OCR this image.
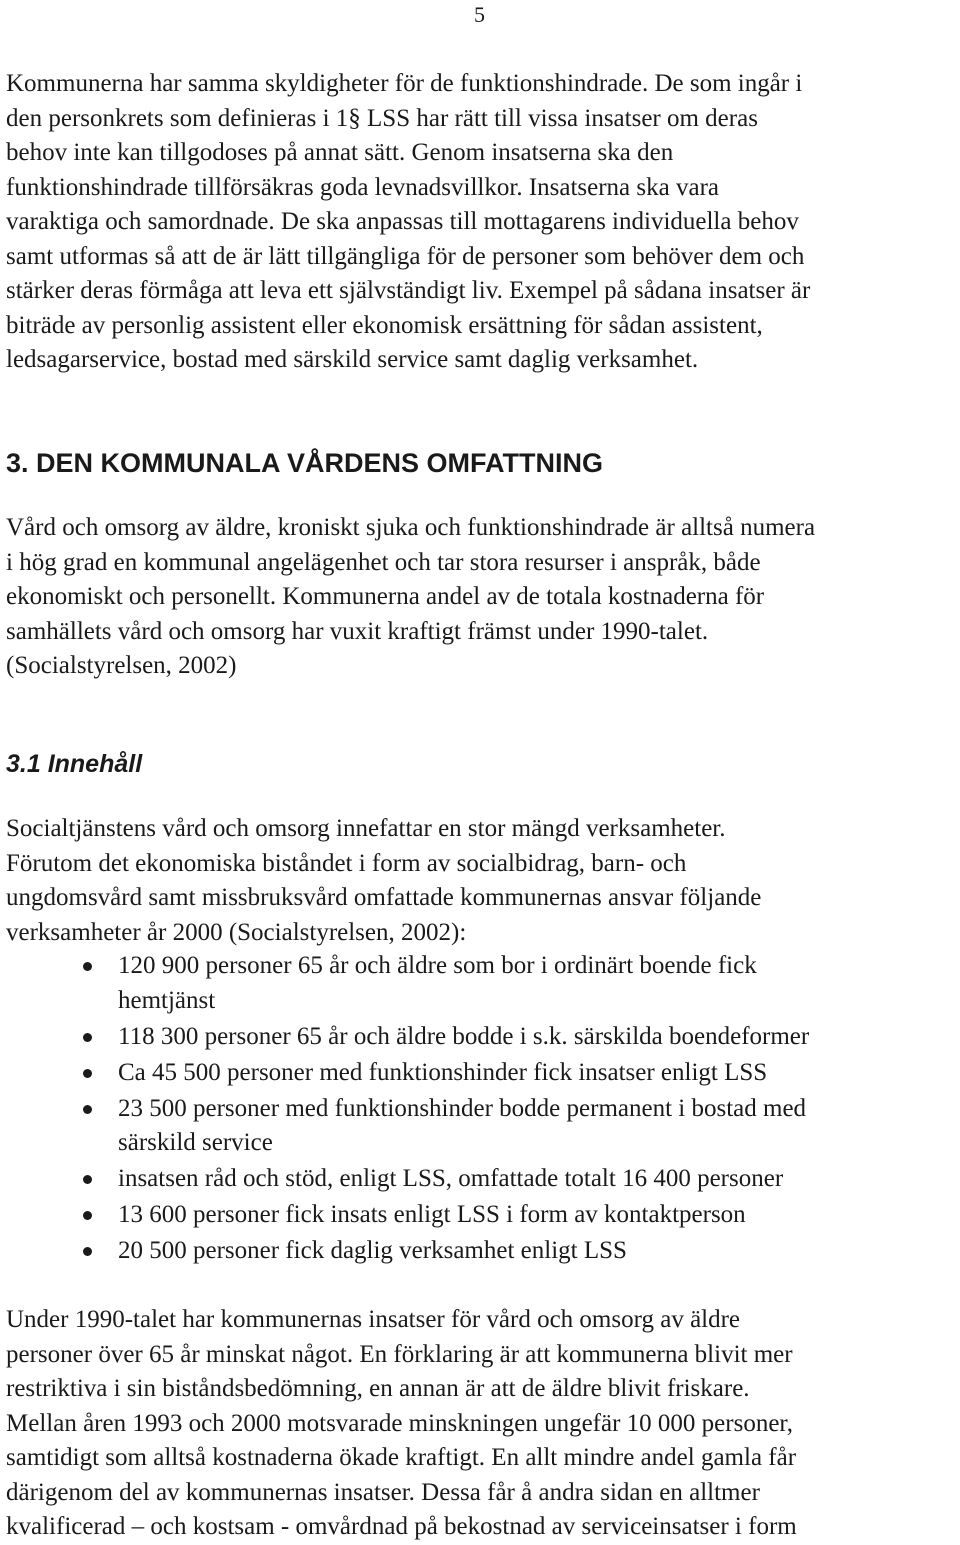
5

Kommunerna har samma skyldigheter för de funktionshindrade. De som ingår i
den personkrets som definieras i 1§ LSS har rätt till vissa insatser om deras
behov inte kan tillgodoses på annat sätt. Genom insatserna ska den
funktionshindrade tillförsäkras goda levnadsvillkor. Insatserna ska vara
varaktiga och samordnade. De ska anpassas till mottagarens individuella behov
samt utformas så att de är lätt tillgängliga för de personer som behöver dem och
stärker deras förmåga att leva ett självständigt liv. Exempel på sådana insatser är
biträde av personlig assistent eller ekonomisk ersättning för sådan assistent,
ledsagarservice, bostad med särskild service samt daglig verksamhet.

3. DEN KOMMUNALA VÅRDENS OMFATTNING

Vård och omsorg av äldre, kroniskt sjuka och funktionshindrade är alltså numera
i hög grad en kommunal angelägenhet och tar stora resurser i anspråk, både
ekonomiskt och personellt. Kommunerna andel av de totala kostnaderna för
samhällets vård och omsorg har vuxit kraftigt främst under 1990-talet.
(Socialstyrelsen, 2002)

3.1 Innehåll

Socialtjänstens vård och omsorg innefattar en stor mängd verksamheter.
Förutom det ekonomiska biståndet i form av socialbidrag, barn- och
ungdomsvård samt missbruksvård omfattade kommunernas ansvar följande
verksamheter år 2000 (Socialstyrelsen, 2002):

120 900 personer 65 år och äldre som bor i ordinärt boende fick
hemtjänst
118 300 personer 65 år och äldre bodde i s.k. särskilda boendeformer
Ca 45 500 personer med funktionshinder fick insatser enligt LSS
23 500 personer med funktionshinder bodde permanent i bostad med
särskild service
insatsen råd och stöd, enligt LSS, omfattade totalt 16 400 personer
13 600 personer fick insats enligt LSS i form av kontaktperson
20 500 personer fick daglig verksamhet enligt LSS

Under 1990-talet har kommunernas insatser för vård och omsorg av äldre
personer över 65 år minskat något. En förklaring är att kommunerna blivit mer
restriktiva i sin biståndsbedömning, en annan är att de äldre blivit friskare.
Mellan åren 1993 och 2000 motsvarade minskningen ungefär 10 000 personer,
samtidigt som alltså kostnaderna ökade kraftigt. En allt mindre andel gamla får
därigenom del av kommunernas insatser. Dessa får å andra sidan en alltmer
kvalificerad – och kostsam - omvårdnad på bekostnad av serviceinsatser i form
